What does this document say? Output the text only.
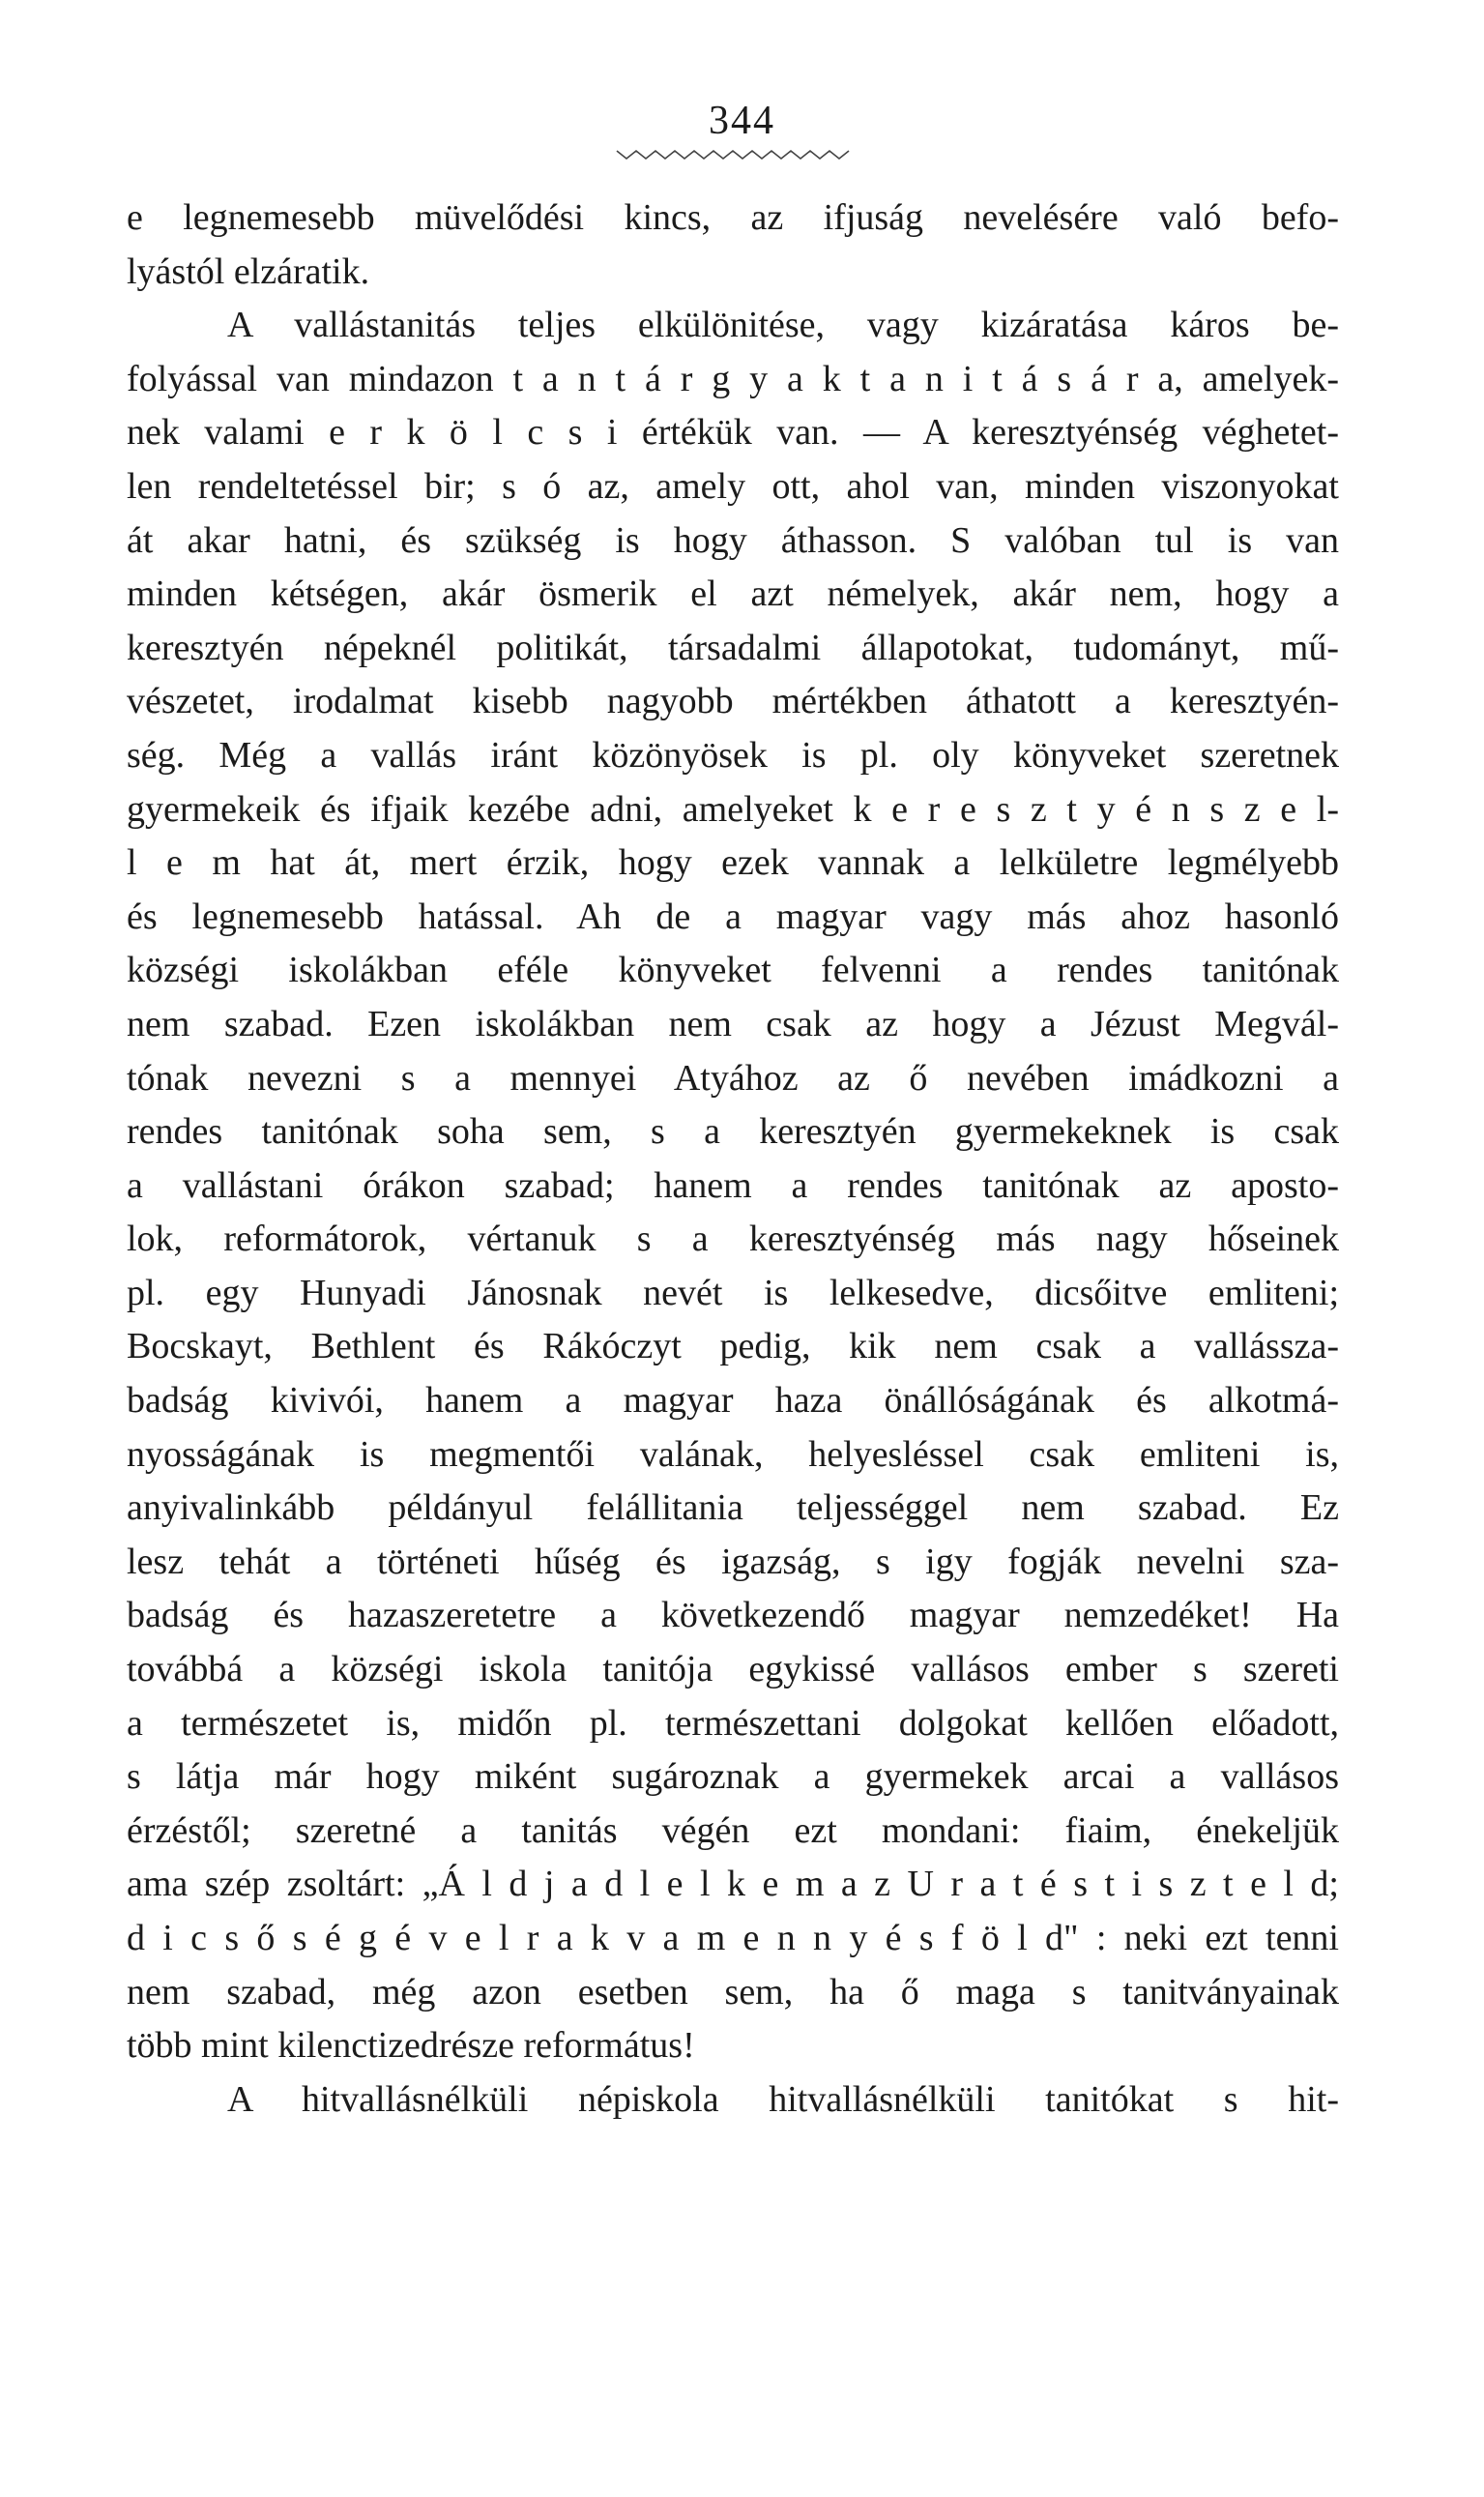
344
e legnemesebb müvelődési kincs, az ifjuság nevelésére való befo-
lyástól elzáratik.
A vallástanitás teljes elkülönitése, vagy kizáratása káros be-
folyással van mindazon t a n t á r g y a k t a n i t á s á r a, amelyek-
nek valami e r k ö l c s i értékük van. — A keresztyénség véghetet-
len rendeltetéssel bir; s ó az, amely ott, ahol van, minden viszonyokat
át akar hatni, és szükség is hogy áthasson. S valóban tul is van
minden kétségen, akár ösmerik el azt némelyek, akár nem, hogy a
keresztyén népeknél politikát, társadalmi állapotokat, tudományt, mű-
vészetet, irodalmat kisebb nagyobb mértékben áthatott a keresztyén-
ség. Még a vallás iránt közönyösek is pl. oly könyveket szeretnek
gyermekeik és ifjaik kezébe adni, amelyeket k e r e s z t y é n s z e l-
l e m hat át, mert érzik, hogy ezek vannak a lelkületre legmélyebb
és legnemesebb hatással. Ah de a magyar vagy más ahoz hasonló
községi iskolákban eféle könyveket felvenni a rendes tanitónak
nem szabad. Ezen iskolákban nem csak az hogy a Jézust Megvál-
tónak nevezni s a mennyei Atyához az ő nevében imádkozni a
rendes tanitónak soha sem, s a keresztyén gyermekeknek is csak
a vallástani órákon szabad; hanem a rendes tanitónak az aposto-
lok, reformátorok, vértanuk s a keresztyénség más nagy hőseinek
pl. egy Hunyadi Jánosnak nevét is lelkesedve, dicsőitve emliteni;
Bocskayt, Bethlent és Rákóczyt pedig, kik nem csak a vallássza-
badság kivivói, hanem a magyar haza önállóságának és alkotmá-
nyosságának is megmentői valának, helyesléssel csak emliteni is,
anyivalinkább példányul felállitania teljességgel nem szabad. Ez
lesz tehát a történeti hűség és igazság, s igy fogják nevelni sza-
badság és hazaszeretetre a következendő magyar nemzedéket! Ha
továbbá a községi iskola tanitója egykissé vallásos ember s szereti
a természetet is, midőn pl. természettani dolgokat kellően előadott,
s látja már hogy miként sugároznak a gyermekek arcai a vallásos
érzéstől; szeretné a tanitás végén ezt mondani: fiaim, énekeljük
ama szép zsoltárt: „Á l d j a d l e l k e m a z U r a t é s t i s z t e l d;
d i c s ő s é g é v e l r a k v a m e n n y é s f ö l d" : neki ezt tenni
nem szabad, még azon esetben sem, ha ő maga s tanitványainak
több mint kilenctizedrésze református!
A hitvallásnélküli népiskola hitvallásnélküli tanitókat s hit-
